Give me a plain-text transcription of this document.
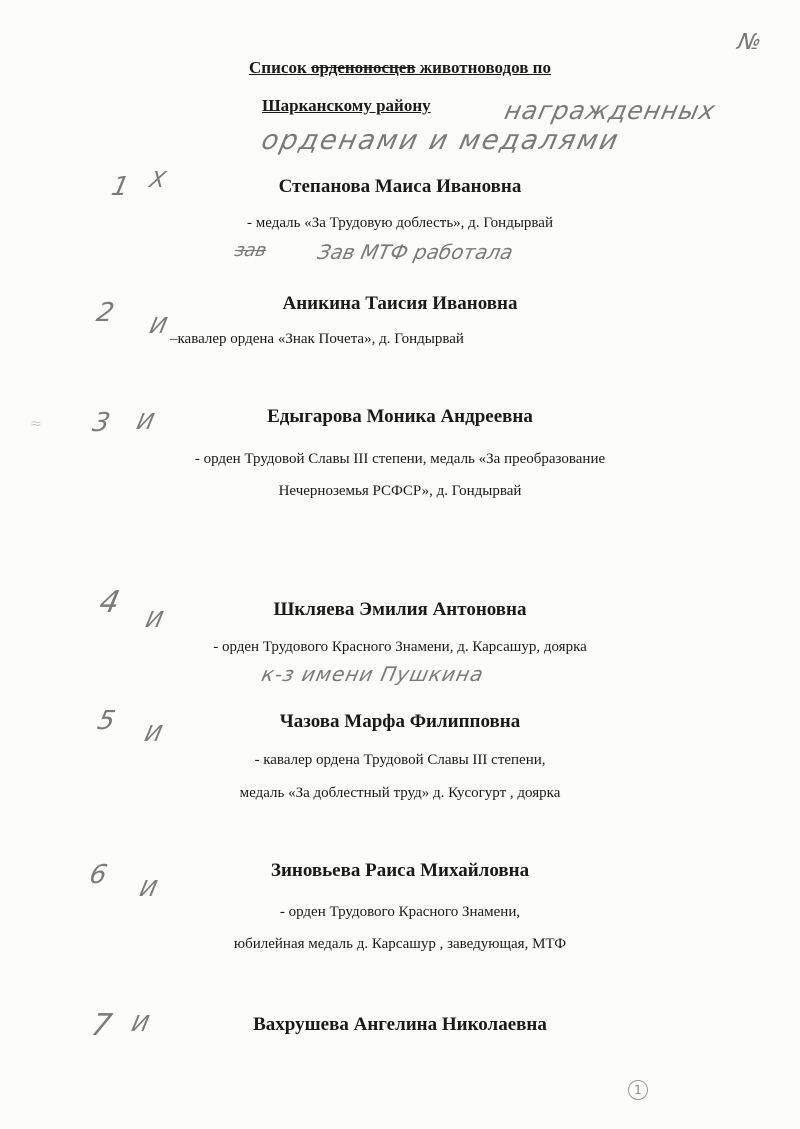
№
Список орденоносцев животноводов по
Шарканскому району	награжденных
орденами и медалями
1 Х	Степанова Маиса Ивановна
- медаль «За Трудовую доблесть», д. Гондырвай
зав Зав МТФ работала
2 И
Аникина Таисия Ивановна
–кавалер ордена «Знак Почета», д. Гондырвай
≈ 3 И	Едыгарова Моника Андреевна
- орден Трудовой Славы III степени, медаль «За преобразование
Нечерноземья РСФСР», д. Гондырвай
4
И	Шкляева Эмилия Антоновна
- орден Трудового Красного Знамени, д. Карсашур, доярка
к-з имени Пушкина
5 И
Чазова Марфа Филипповна
- кавалер ордена Трудовой Славы III степени,
медаль «За доблестный труд» д. Кусогурт , доярка
6 И
Зиновьева Раиса Михайловна
- орден Трудового Красного Знамени,
юбилейная медаль д. Карсашур , заведующая, МТФ
7 И	Вахрушева Ангелина Николаевна
1
